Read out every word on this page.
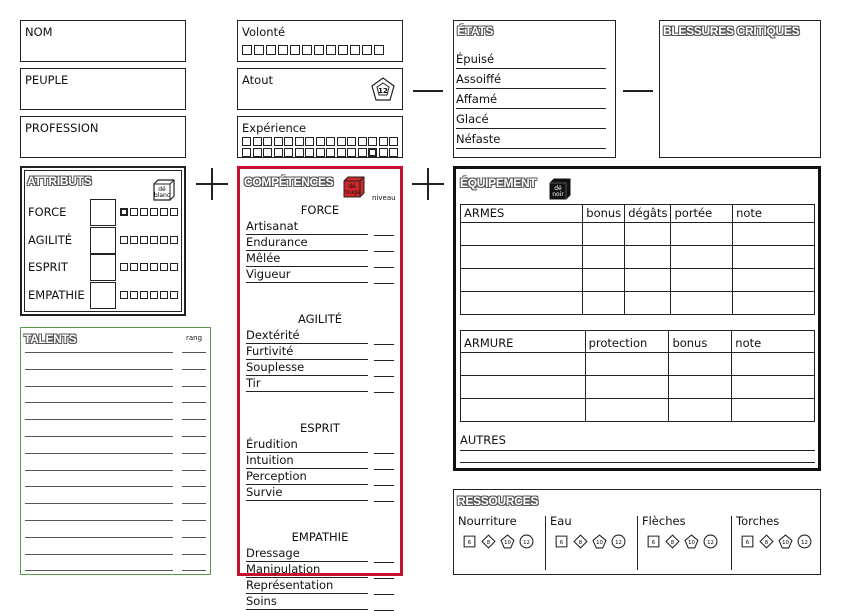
NOM
PEUPLE
PROFESSION
Volonté
Atout
12
Expérience
ÉTATS
Épuisé
Assoiffé
Affamé
Glacé
Néfaste
BLESSURES CRITIQUES
ATTRIBUTS
dé
blanc
FORCE
AGILITÉ
ESPRIT
EMPATHIE
COMPÉTENCES dé
rouge
niveau
FORCE
Artisanat
Endurance
Mêlée
Vigueur
AGILITÉ
Dextérité
Furtivité
Souplesse
Tir
ESPRIT
Érudition
Intuition
Perception
Survie
EMPATHIE
Dressage
Manipulation
Représentation
Soins
TALENTS	rang
ÉQUIPEMENT	dé
noir
ARMES	bonus	dégâts	portée	note

ARMURE	protection	bonus	note

AUTRES
RESSOURCES
Nourriture
6	8	10 12
Eau
6	8	10 12
Flèches
6	8	10 12
Torches
6	8	10 12
